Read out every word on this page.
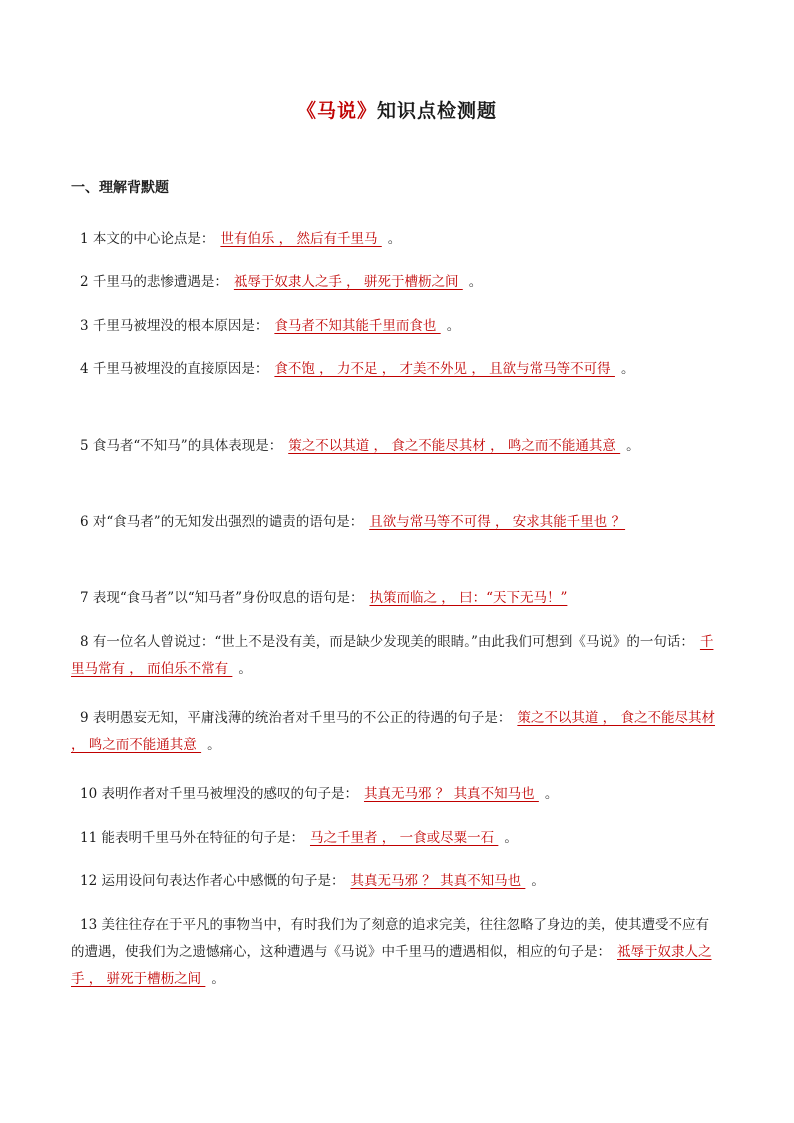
《马说》知识点检测题
一、理解背默题
1 本文的中心论点是： 世有伯乐 ， 然后有千里马 。
2 千里马的悲惨遭遇是： 祗辱于奴隶人之手 ， 骈死于槽枥之间 。
3 千里马被埋没的根本原因是： 食马者不知其能千里而食也 。
4 千里马被埋没的直接原因是： 食不饱 ， 力不足 ， 才美不外见 ， 且欲与常马等不可得 。
5 食马者“不知马”的具体表现是： 策之不以其道 ， 食之不能尽其材 ， 鸣之而不能通其意 。
6 对“食马者”的无知发出强烈的谴责的语句是： 且欲与常马等不可得 ， 安求其能千里也 ？
7 表现“食马者”以“知马者”身份叹息的语句是： 执策而临之 ， 曰：“天下无马！”
8 有一位名人曾说过：“世上不是没有美，而是缺少发现美的眼睛。”由此我们可想到《马说》的一句话： 千里马常有 ， 而伯乐不常有 。
9 表明愚妄无知，平庸浅薄的统治者对千里马的不公正的待遇的句子是： 策之不以其道 ， 食之不能尽其材 ， 鸣之而不能通其意 。
10 表明作者对千里马被埋没的感叹的句子是： 其真无马邪 ？ 其真不知马也 。
11 能表明千里马外在特征的句子是： 马之千里者 ， 一食或尽粟一石 。
12 运用设问句表达作者心中感慨的句子是： 其真无马邪 ？ 其真不知马也 。
13 美往往存在于平凡的事物当中，有时我们为了刻意的追求完美，往往忽略了身边的美，使其遭受不应有的遭遇，使我们为之遗憾痛心，这种遭遇与《马说》中千里马的遭遇相似，相应的句子是： 祗辱于奴隶人之手 ， 骈死于槽枥之间 。
